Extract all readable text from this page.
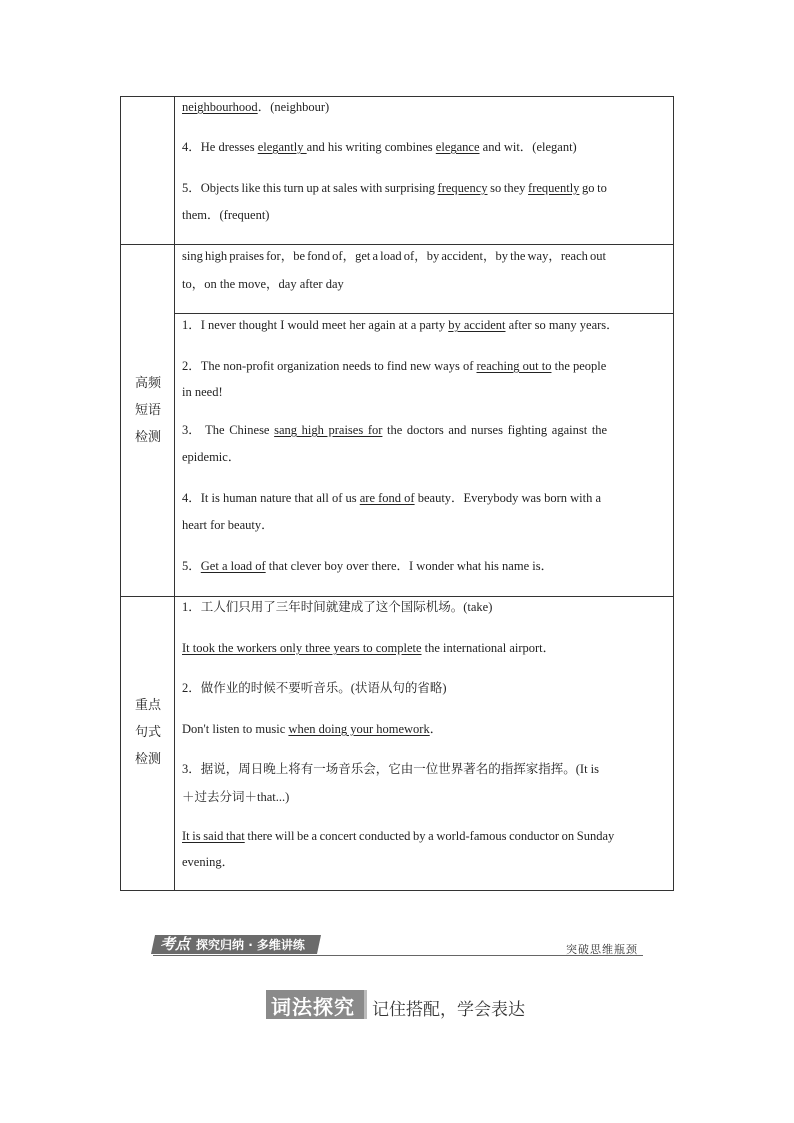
neighbourhood．(neighbour)
4．He dresses elegantly and his writing combines elegance and wit．(elegant)
5．Objects like this turn up at sales with surprising frequency so they frequently go to
them．(frequent)
高频
短语
检测
sing high praises for，be fond of，get a load of，by accident，by the way，reach out
to，on the move，day after day
1．I never thought I would meet her again at a party by accident after so many years．
2．The non-profit organization needs to find new ways of reaching out to the people
in need!
3． The Chinese sang high praises for the doctors and nurses fighting against the
epidemic．
4．It is human nature that all of us are fond of beauty．Everybody was born with a
heart for beauty．
5．Get a load of that clever boy over there．I wonder what his name is．
重点
句式
检测
1．工人们只用了三年时间就建成了这个国际机场。(take)
It took the workers only three years to complete the international airport．
2．做作业的时候不要听音乐。(状语从句的省略)
Don't listen to music when doing your homework．
3．据说，周日晚上将有一场音乐会，它由一位世界著名的指挥家指挥。(It is
＋过去分词＋that...)
It is said that there will be a concert conducted by a world-famous conductor on Sunday
evening．
考点 探究归纳 · 多维讲练	突破思维瓶颈
词法探究 记住搭配，学会表达
